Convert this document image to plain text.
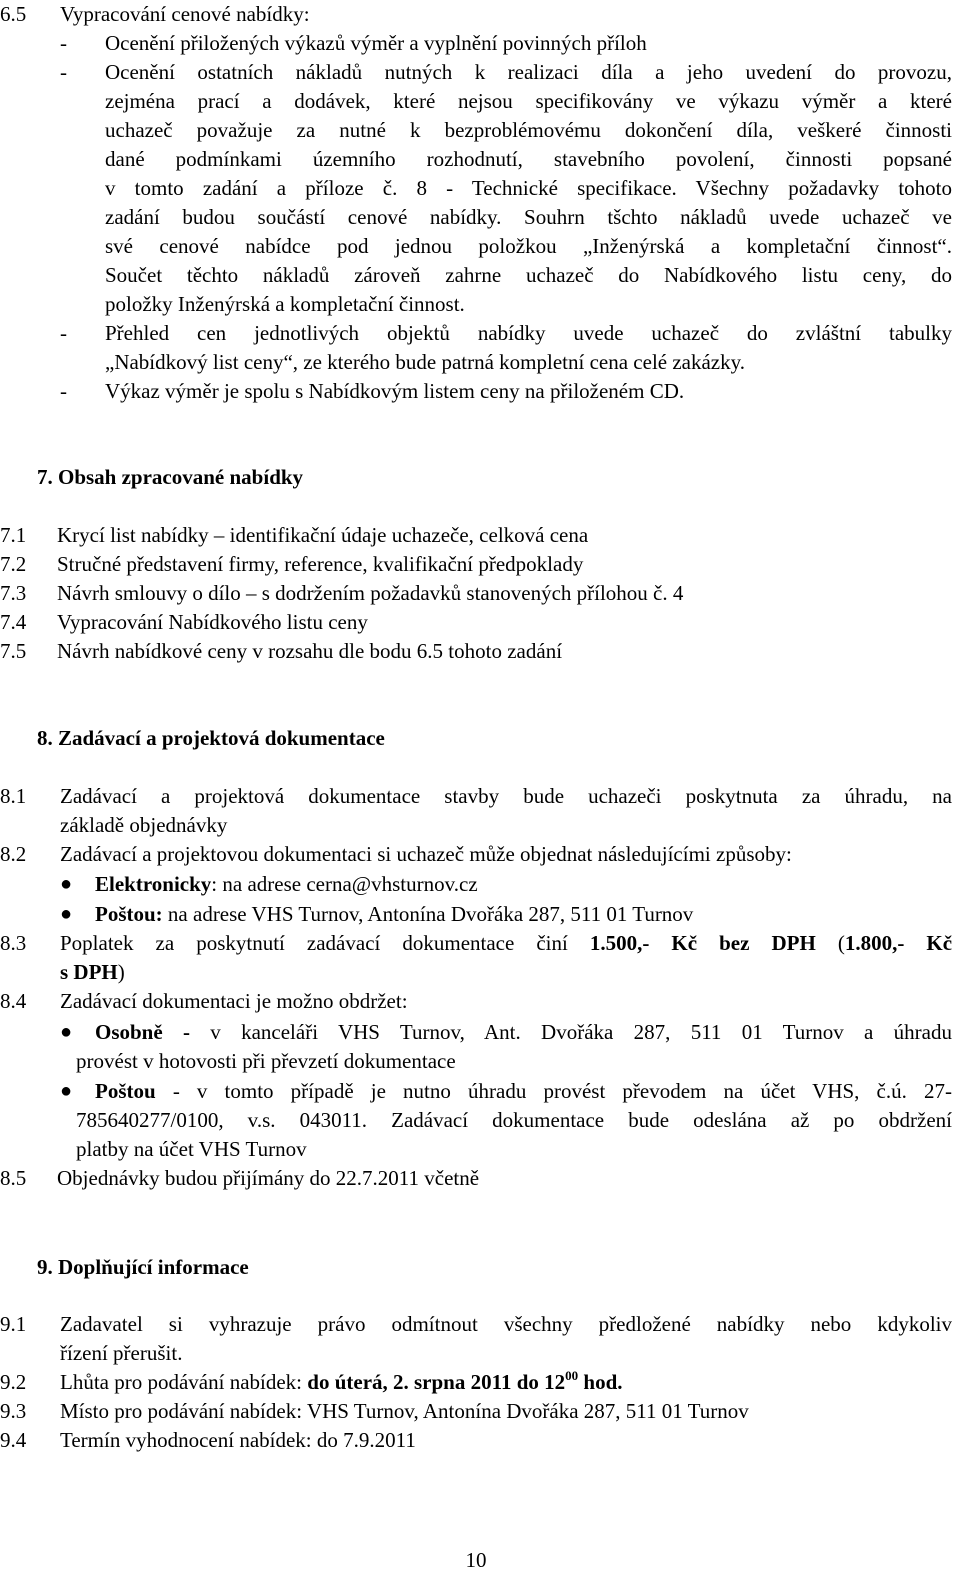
6.5 Vypracování cenové nabídky:
- Ocenění přiložených výkazů výměr a vyplnění povinných příloh
- Ocenění ostatních nákladů nutných k realizaci díla a jeho uvedení do provozu,
zejména prací a dodávek, které nejsou specifikovány ve výkazu výměr a které
uchazeč považuje za nutné k bezproblémovému dokončení díla, veškeré činnosti
dané podmínkami územního rozhodnutí, stavebního povolení, činnosti popsané
v tomto zadání a příloze č. 8 - Technické specifikace. Všechny požadavky tohoto
zadání budou součástí cenové nabídky. Souhrn tšchto nákladů uvede uchazeč ve
své cenové nabídce pod jednou položkou „Inženýrská a kompletační činnost“.
Součet těchto nákladů zároveň zahrne uchazeč do Nabídkového listu ceny, do
položky Inženýrská a kompletační činnost.
- Přehled cen jednotlivých objektů nabídky uvede uchazeč do zvláštní tabulky
„Nabídkový list ceny“, ze kterého bude patrná kompletní cena celé zakázky.
- Výkaz výměr je spolu s Nabídkovým listem ceny na přiloženém CD.
7. Obsah zpracované nabídky
7.1 Krycí list nabídky – identifikační údaje uchazeče, celková cena
7.2 Stručné představení firmy, reference, kvalifikační předpoklady
7.3 Návrh smlouvy o dílo – s dodržením požadavků stanovených přílohou č. 4
7.4 Vypracování Nabídkového listu ceny
7.5 Návrh nabídkové ceny v rozsahu dle bodu 6.5 tohoto zadání
8. Zadávací a projektová dokumentace
8.1 Zadávací a projektová dokumentace stavby bude uchazeči poskytnuta za úhradu, na
základě objednávky
8.2 Zadávací a projektovou dokumentaci si uchazeč může objednat následujícími způsoby:
● Elektronicky: na adrese cerna@vhsturnov.cz
● Poštou: na adrese VHS Turnov, Antonína Dvořáka 287, 511 01 Turnov
8.3 Poplatek za poskytnutí zadávací dokumentace činí 1.500,- Kč bez DPH (1.800,- Kč
s DPH)
8.4 Zadávací dokumentaci je možno obdržet:
●	Osobně - v kanceláři VHS Turnov, Ant. Dvořáka 287, 511 01 Turnov a úhradu
provést v hotovosti při převzetí dokumentace
●	Poštou - v tomto případě je nutno úhradu provést převodem na účet VHS, č.ú. 27-
785640277/0100, v.s. 043011. Zadávací dokumentace bude odeslána až po obdržení
platby na účet VHS Turnov
8.5 Objednávky budou přijímány do 22.7.2011 včetně
9. Doplňující informace
9.1 Zadavatel si vyhrazuje právo odmítnout všechny předložené nabídky nebo kdykoliv
řízení přerušit.
9.2 Lhůta pro podávání nabídek: do úterá, 2. srpna 2011 do $12^{00}$ hod.
9.3 Místo pro podávání nabídek: VHS Turnov, Antonína Dvořáka 287, 511 01 Turnov
9.4 Termín vyhodnocení nabídek: do 7.9.2011
10
